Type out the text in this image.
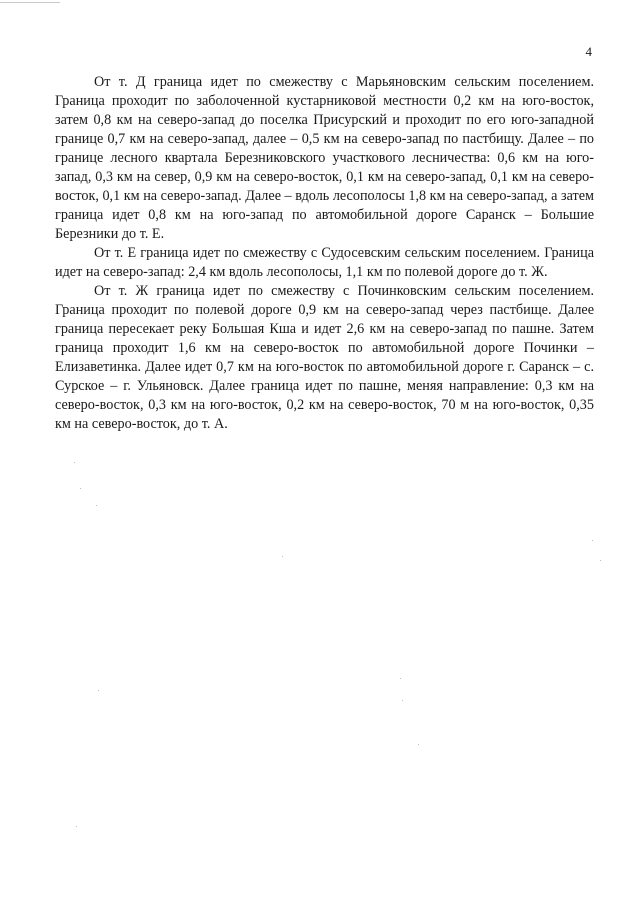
4

От т. Д граница идет по смежеству с Марьяновским сельским поселением. Граница проходит по заболоченной кустарниковой местности 0,2 км на юго-восток, затем 0,8 км на северо-запад до поселка Присурский и проходит по его юго-западной границе 0,7 км на северо-запад, далее – 0,5 км на северо-запад по пастбищу. Далее – по границе лесного квартала Березниковского участкового лесничества: 0,6 км на юго-запад, 0,3 км на север, 0,9 км на северо-восток, 0,1 км на северо-запад, 0,1 км на северо-восток, 0,1 км на северо-запад. Далее – вдоль лесополосы 1,8 км на северо-запад, а затем граница идет 0,8 км на юго-запад по автомобильной дороге Саранск – Большие Березники до т. Е.

От т. Е граница идет по смежеству с Судосевским сельским поселением. Граница идет на северо-запад: 2,4 км вдоль лесополосы, 1,1 км по полевой дороге до т. Ж.

От т. Ж граница идет по смежеству с Починковским сельским поселением. Граница проходит по полевой дороге 0,9 км на северо-запад через пастбище. Далее граница пересекает реку Большая Кша и идет 2,6 км на северо-запад по пашне. Затем граница проходит 1,6 км на северо-восток по автомобильной дороге Починки – Елизаветинка. Далее идет 0,7 км на юго-восток по автомобильной дороге г. Саранск – с. Сурское – г. Ульяновск. Далее граница идет по пашне, меняя направление: 0,3 км на северо-восток, 0,3 км на юго-восток, 0,2 км на северо-восток, 70 м на юго-восток, 0,35 км на северо-восток, до т. А.
